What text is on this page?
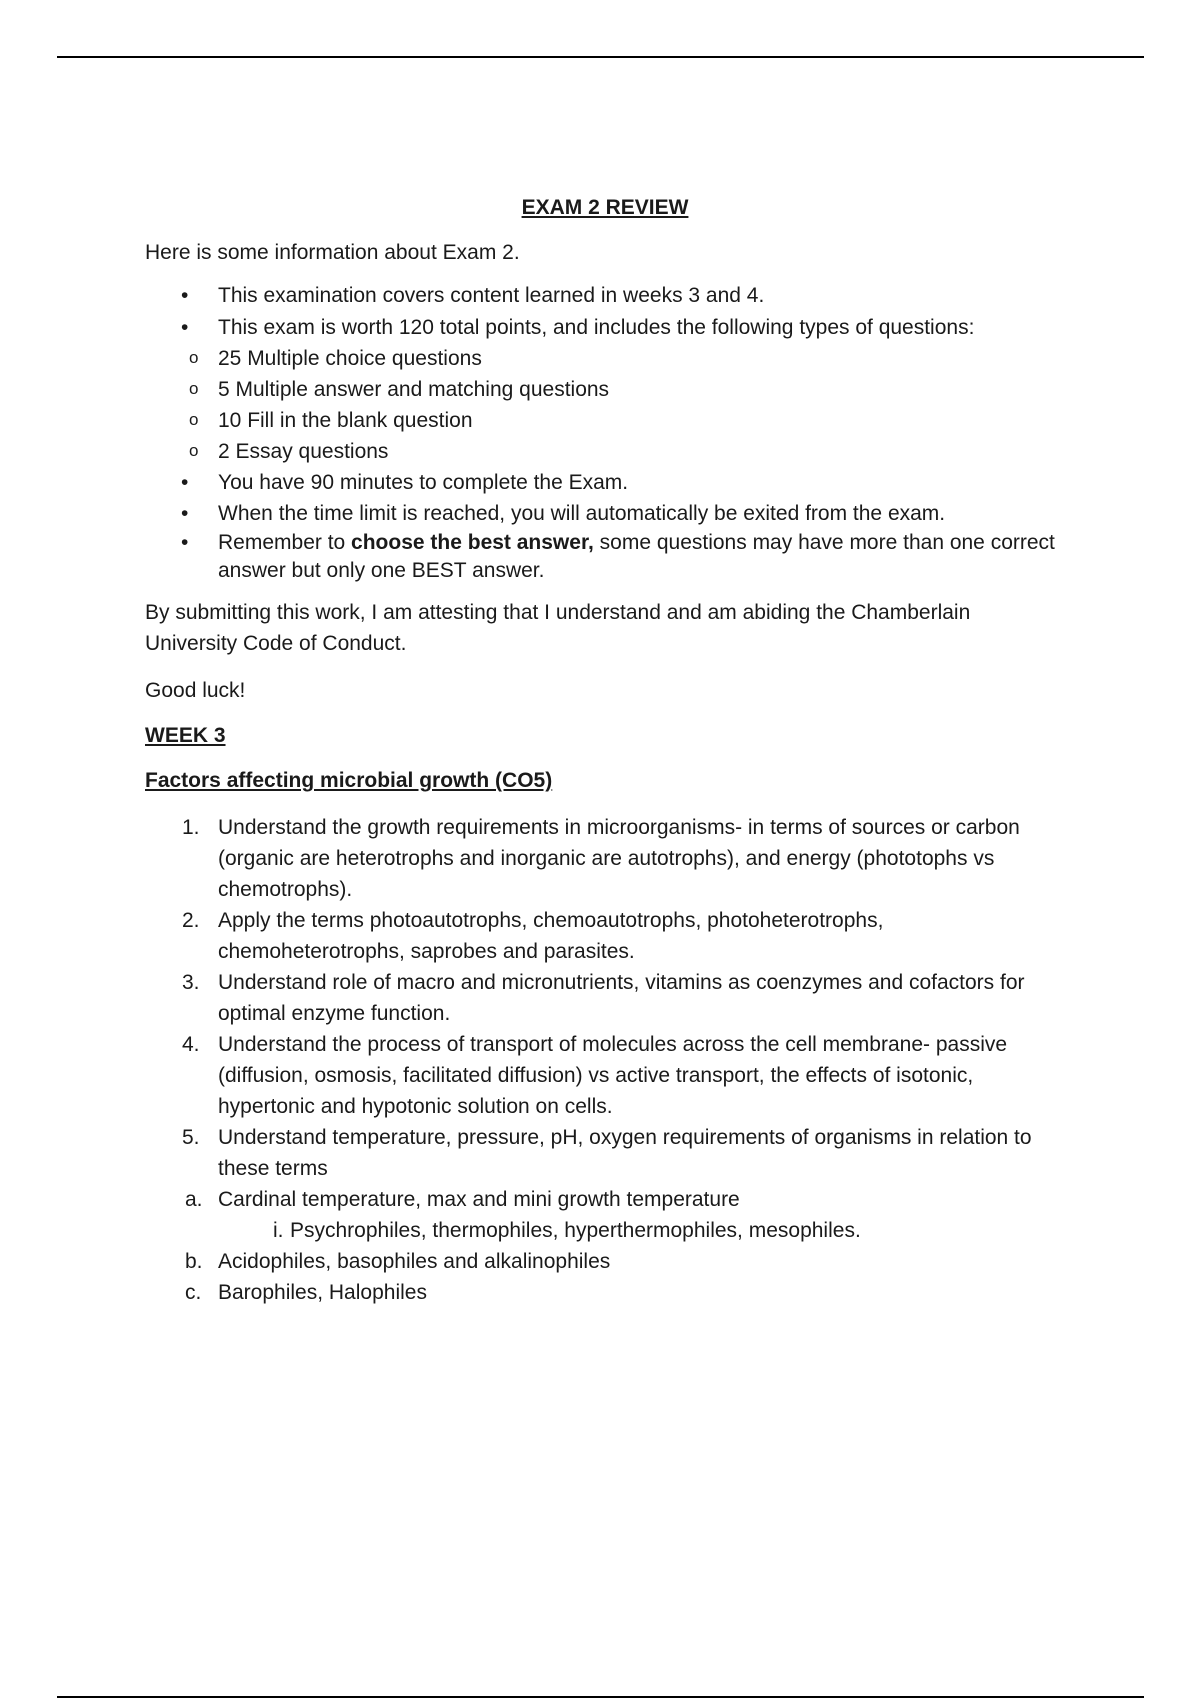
EXAM 2 REVIEW

Here is some information about Exam 2.

• This examination covers content learned in weeks 3 and 4.
• This exam is worth 120 total points, and includes the following types of questions:
o 25 Multiple choice questions
o 5 Multiple answer and matching questions
o 10 Fill in the blank question
o 2 Essay questions
• You have 90 minutes to complete the Exam.
• When the time limit is reached, you will automatically be exited from the exam.
• Remember to choose the best answer, some questions may have more than one correct answer but only one BEST answer.

By submitting this work, I am attesting that I understand and am abiding the Chamberlain University Code of Conduct.

Good luck!

WEEK 3

Factors affecting microbial growth (CO5)

1. Understand the growth requirements in microorganisms- in terms of sources or carbon (organic are heterotrophs and inorganic are autotrophs), and energy (phototophs vs chemotrophs).
2. Apply the terms photoautotrophs, chemoautotrophs, photoheterotrophs, chemoheterotrophs, saprobes and parasites.
3. Understand role of macro and micronutrients, vitamins as coenzymes and cofactors for optimal enzyme function.
4. Understand the process of transport of molecules across the cell membrane- passive (diffusion, osmosis, facilitated diffusion) vs active transport, the effects of isotonic, hypertonic and hypotonic solution on cells.
5. Understand temperature, pressure, pH, oxygen requirements of organisms in relation to these terms
a. Cardinal temperature, max and mini growth temperature
i. Psychrophiles, thermophiles, hyperthermophiles, mesophiles.
b. Acidophiles, basophiles and alkalinophiles
c. Barophiles, Halophiles
